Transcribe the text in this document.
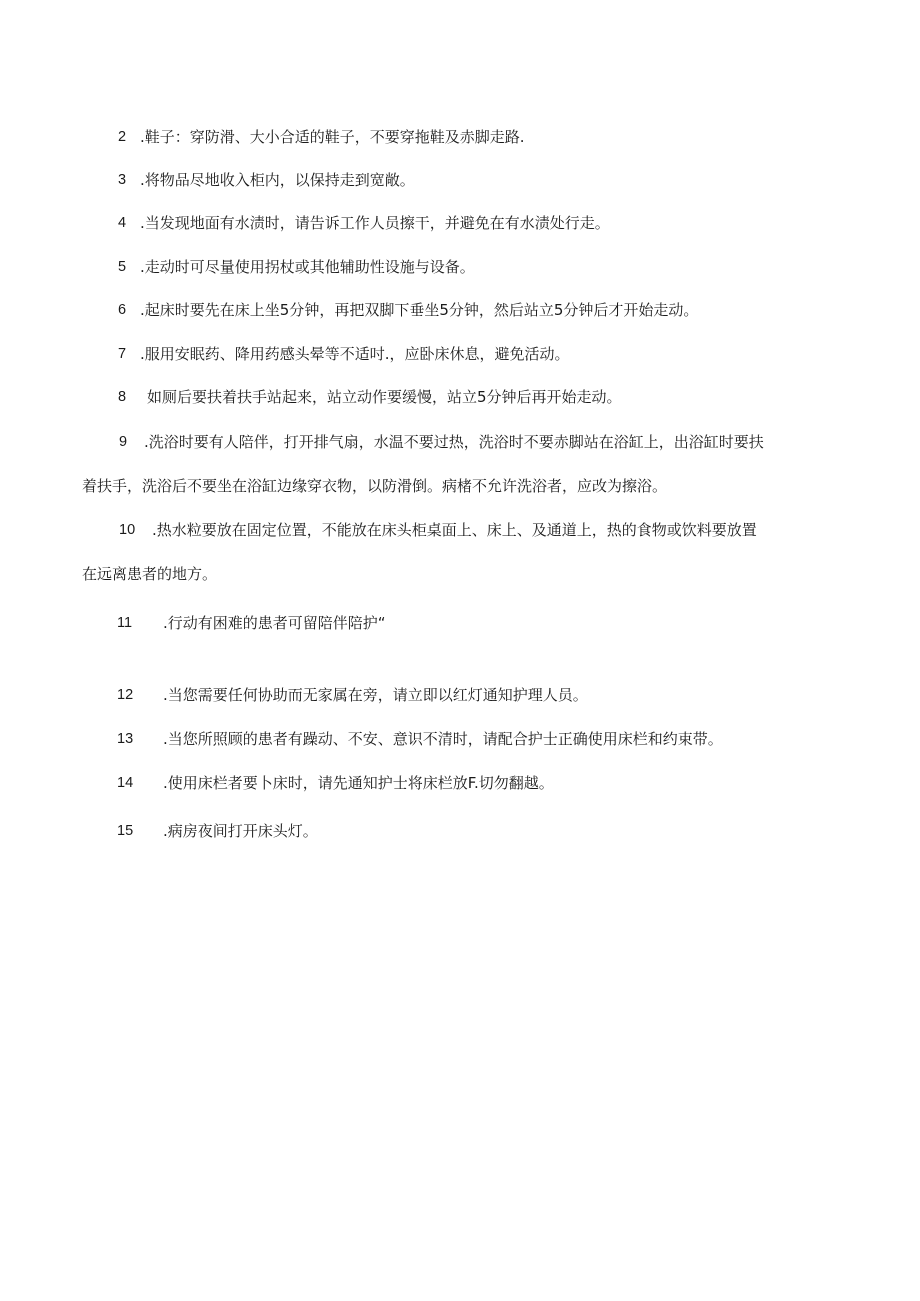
2 .鞋子：穿防滑、大小合适的鞋子，不要穿拖鞋及赤脚走路.
3 .将物品尽地收入柜内，以保持走到宽敞。
4 .当发现地面有水渍时，请告诉工作人员擦干，并避免在有水渍处行走。
5 .走动时可尽量使用拐杖或其他辅助性设施与设备。
6 .起床时要先在床上坐5分钟，再把双脚下垂坐5分钟，然后站立5分钟后才开始走动。
7 .服用安眠药、降用药感头晕等不适吋.，应卧床休息，避免活动。
8 如厕后要扶着扶手站起来，站立动作要缓慢，站立5分钟后再开始走动。
9 .洗浴时要有人陪伴，打开排气扇，水温不要过热，洗浴时不要赤脚站在浴缸上，出浴缸时要扶
着扶手，洗浴后不要坐在浴缸边缘穿衣物，以防滑倒。病楮不允许洗浴者，应改为擦浴。
10 .热水粒要放在固定位置，不能放在床头柜桌面上、床上、及通道上，热的食物或饮料要放置
在远离患者的地方。
11 .行动有困难的患者可留陪伴陪护“
12 .当您需要任何协助而无家属在旁，请立即以红灯通知护理人员。
13 .当您所照顾的患者有躁动、不安、意识不清时，请配合护士正确使用床栏和约束带。
14 .使用床栏者要卜床时，请先通知护士将床栏放F.切勿翻越。
15 .病房夜间打开床头灯。
